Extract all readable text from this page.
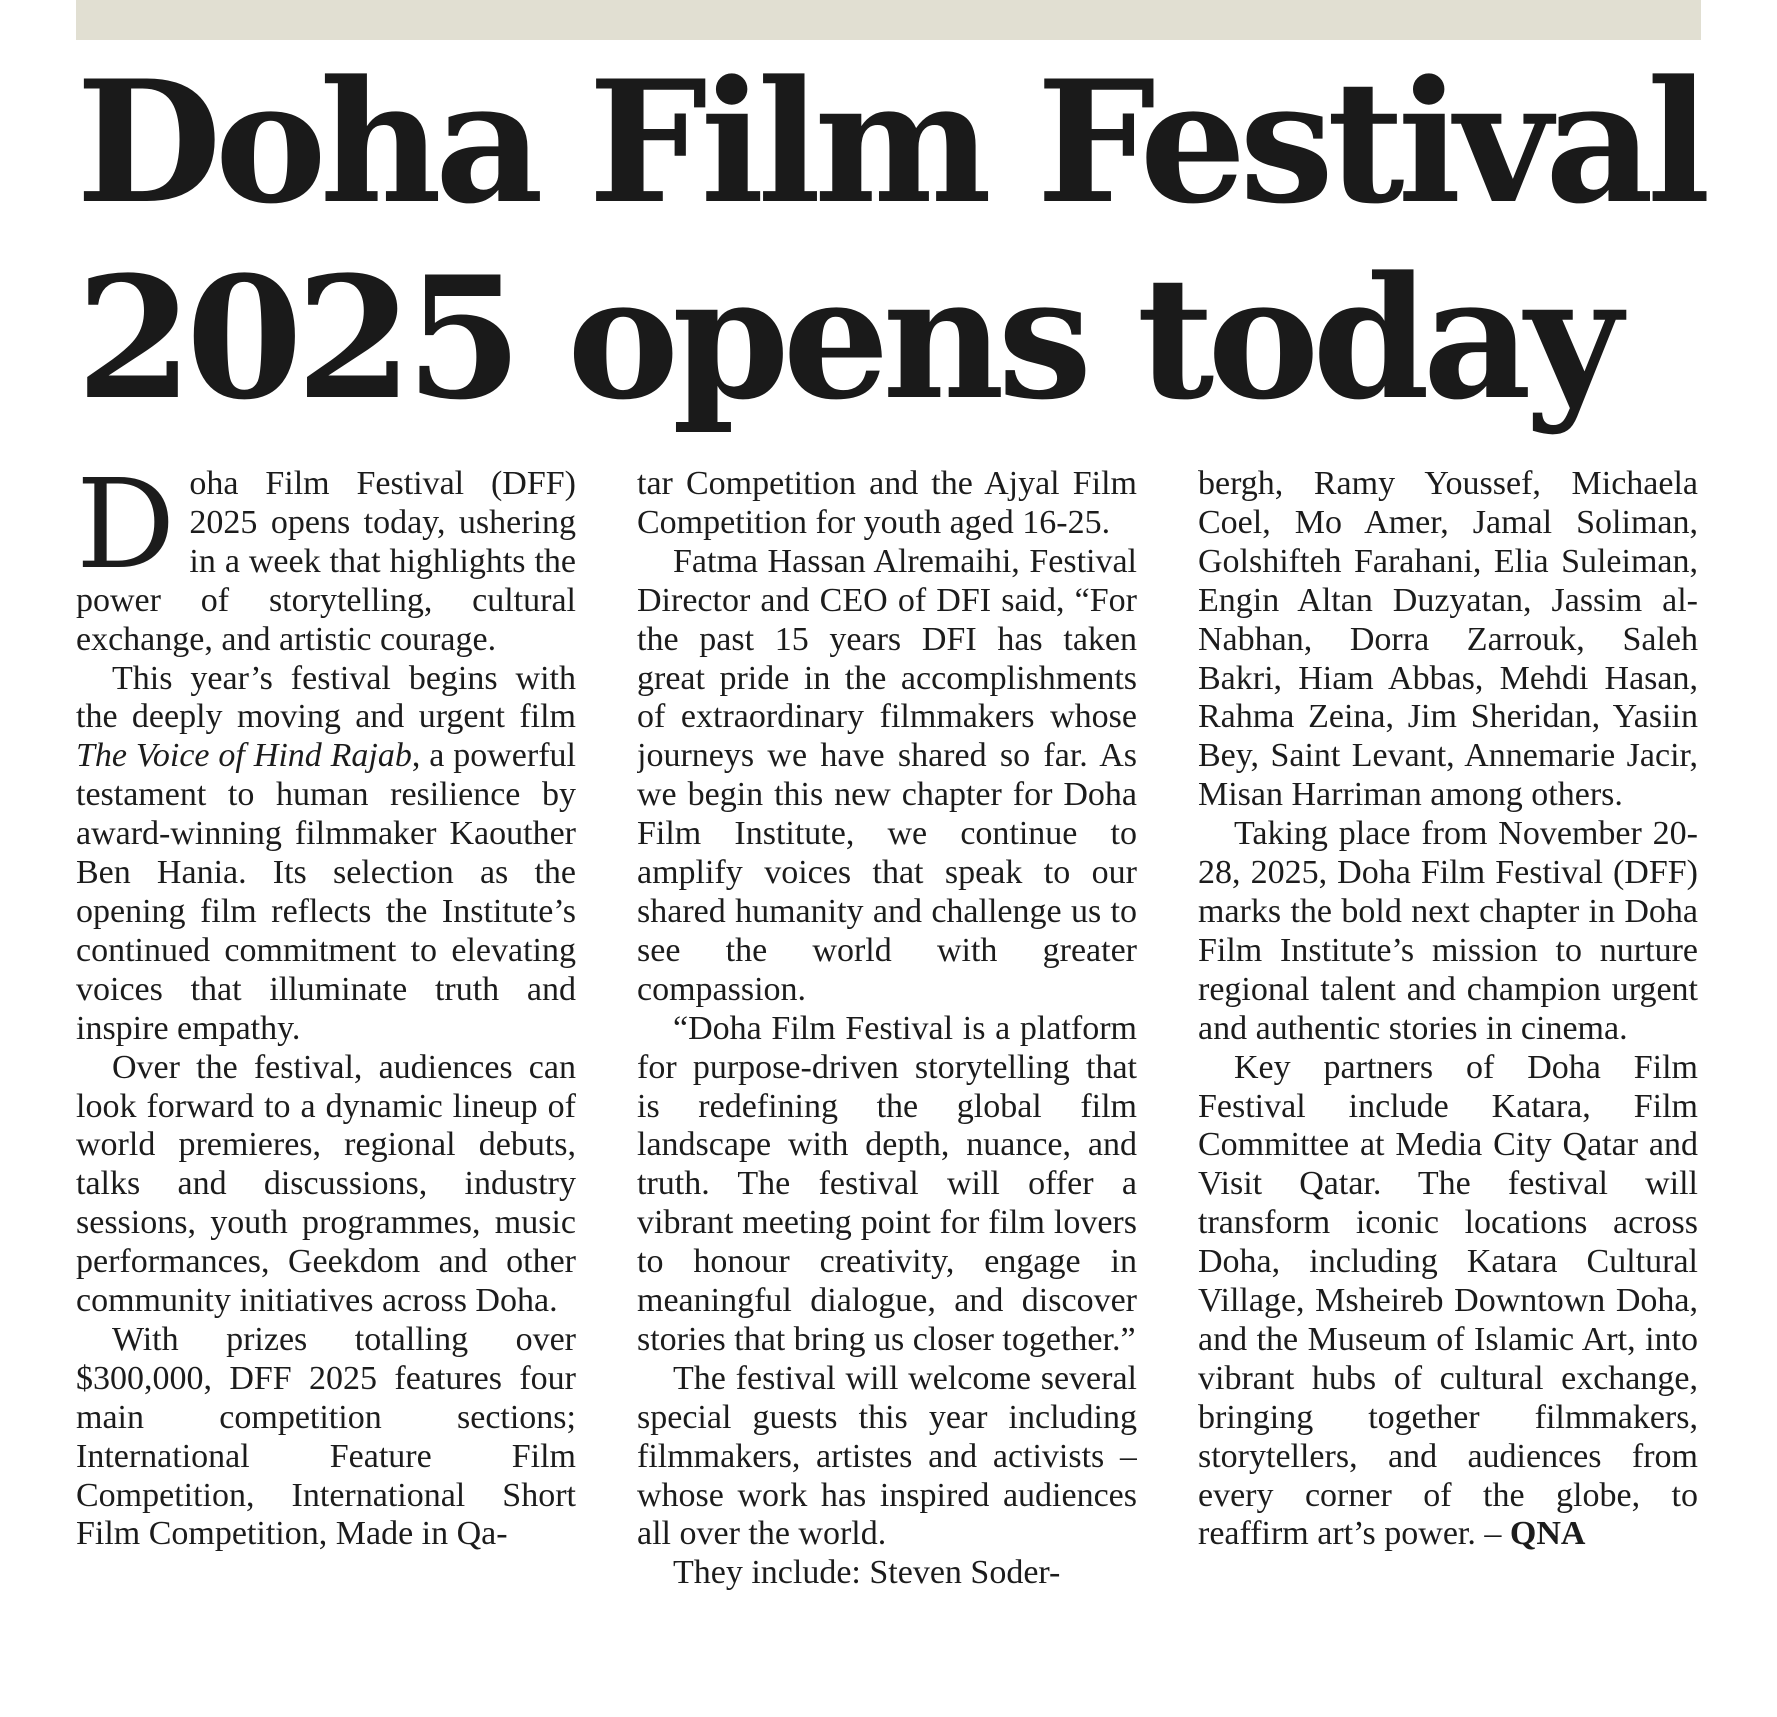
Doha Film Festival
2025 opens today

Doha Film Festival (DFF) 2025 opens today, ushering in a week that highlights the power of storytelling, cultural exchange, and artistic courage.

This year’s festival begins with the deeply moving and urgent film The Voice of Hind Rajab, a powerful testament to human resilience by award-winning filmmaker Kaouther Ben Hania. Its selection as the opening film reflects the Institute’s continued commitment to elevating voices that illuminate truth and inspire empathy.

Over the festival, audiences can look forward to a dynamic lineup of world premieres, regional debuts, talks and discussions, industry sessions, youth programmes, music performances, Geekdom and other community initiatives across Doha.

With prizes totalling over $300,000, DFF 2025 features four main competition sections; International Feature Film Competition, International Short Film Competition, Made in Qa-

tar Competition and the Ajyal Film Competition for youth aged 16-25.

Fatma Hassan Alremaihi, Festival Director and CEO of DFI said, “For the past 15 years DFI has taken great pride in the accomplishments of extraordinary filmmakers whose journeys we have shared so far. As we begin this new chapter for Doha Film Institute, we continue to amplify voices that speak to our shared humanity and challenge us to see the world with greater compassion.

“Doha Film Festival is a platform for purpose-driven storytelling that is redefining the global film landscape with depth, nuance, and truth. The festival will offer a vibrant meeting point for film lovers to honour creativity, engage in meaningful dialogue, and discover stories that bring us closer together.”

The festival will welcome several special guests this year including filmmakers, artistes and activists – whose work has inspired audiences all over the world.

They include: Steven Soder-

bergh, Ramy Youssef, Michaela Coel, Mo Amer, Jamal Soliman, Golshifteh Farahani, Elia Suleiman, Engin Altan Duzyatan, Jassim al-Nabhan, Dorra Zarrouk, Saleh Bakri, Hiam Abbas, Mehdi Hasan, Rahma Zeina, Jim Sheridan, Yasiin Bey, Saint Levant, Annemarie Jacir, Misan Harriman among others.

Taking place from November 20-28, 2025, Doha Film Festival (DFF) marks the bold next chapter in Doha Film Institute’s mission to nurture regional talent and champion urgent and authentic stories in cinema.

Key partners of Doha Film Festival include Katara, Film Committee at Media City Qatar and Visit Qatar. The festival will transform iconic locations across Doha, including Katara Cultural Village, Msheireb Downtown Doha, and the Museum of Islamic Art, into vibrant hubs of cultural exchange, bringing together filmmakers, storytellers, and audiences from every corner of the globe, to reaffirm art’s power. – QNA
